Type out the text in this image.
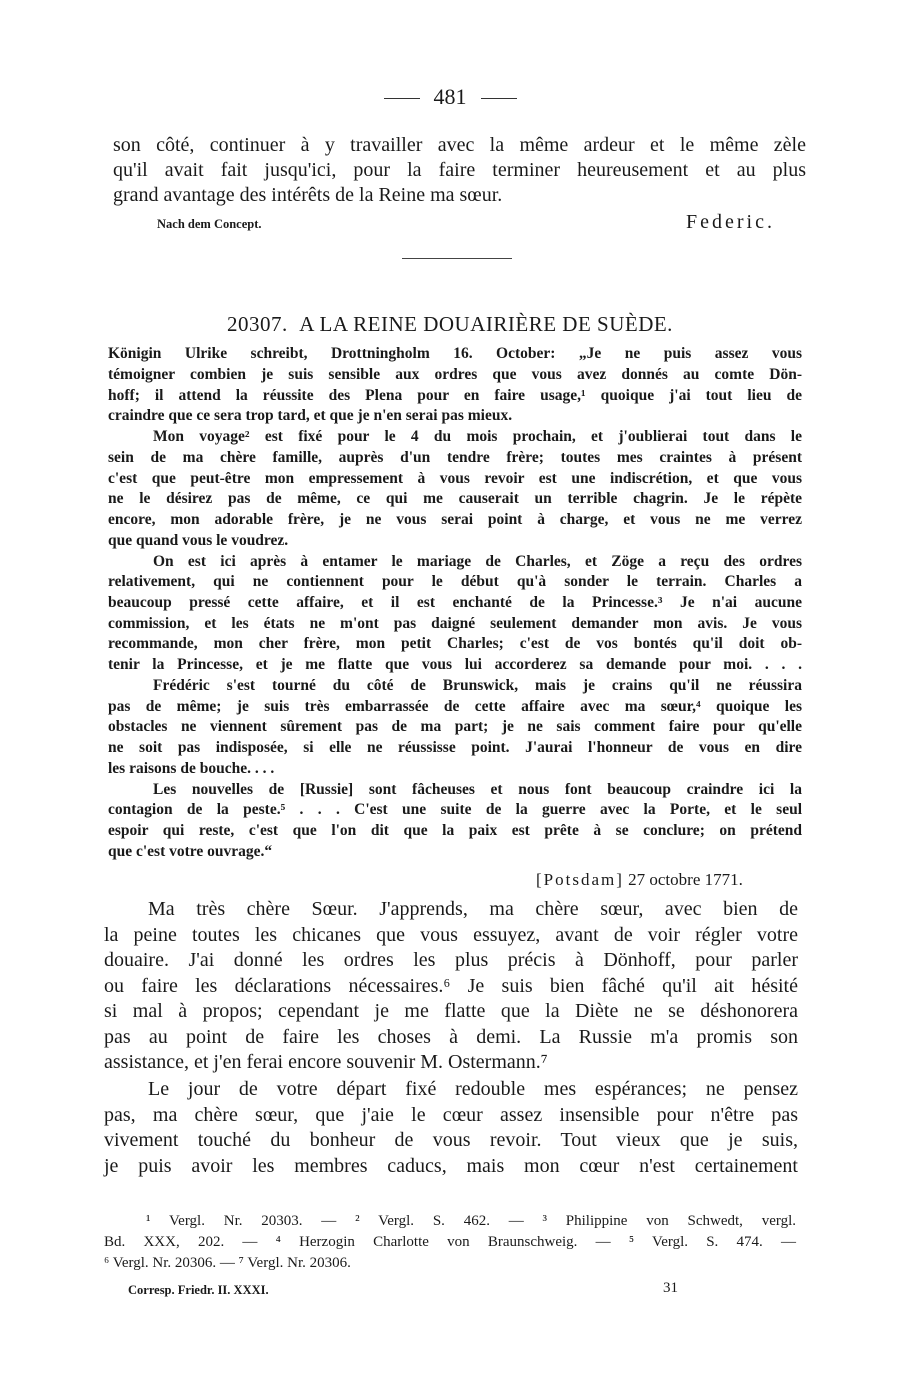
481
son côté, continuer à y travailler avec la même ardeur et le même zèle
qu'il avait fait jusqu'ici, pour la faire terminer heureusement et au plus
grand avantage des intérêts de la Reine ma sœur.
Nach dem Concept.	Federic.
20307. A LA REINE DOUAIRIÈRE DE SUÈDE.
Königin Ulrike schreibt, Drottningholm 16. October: „Je ne puis assez vous
témoigner combien je suis sensible aux ordres que vous avez donnés au comte Dön-
hoff; il attend la réussite des Plena pour en faire usage,¹ quoique j'ai tout lieu de
craindre que ce sera trop tard, et que je n'en serai pas mieux.
Mon voyage² est fixé pour le 4 du mois prochain, et j'oublierai tout dans le
sein de ma chère famille, auprès d'un tendre frère; toutes mes craintes à présent
c'est que peut-être mon empressement à vous revoir est une indiscrétion, et que vous
ne le désirez pas de même, ce qui me causerait un terrible chagrin. Je le répète
encore, mon adorable frère, je ne vous serai point à charge, et vous ne me verrez
que quand vous le voudrez.
On est ici après à entamer le mariage de Charles, et Zöge a reçu des ordres
relativement, qui ne contiennent pour le début qu'à sonder le terrain. Charles a
beaucoup pressé cette affaire, et il est enchanté de la Princesse.³ Je n'ai aucune
commission, et les états ne m'ont pas daigné seulement demander mon avis. Je vous
recommande, mon cher frère, mon petit Charles; c'est de vos bontés qu'il doit ob-
tenir la Princesse, et je me flatte que vous lui accorderez sa demande pour moi. . . .
Frédéric s'est tourné du côté de Brunswick, mais je crains qu'il ne réussira
pas de même; je suis très embarrassée de cette affaire avec ma sœur,⁴ quoique les
obstacles ne viennent sûrement pas de ma part; je ne sais comment faire pour qu'elle
ne soit pas indisposée, si elle ne réussisse point. J'aurai l'honneur de vous en dire
les raisons de bouche. . . .
Les nouvelles de [Russie] sont fâcheuses et nous font beaucoup craindre ici la
contagion de la peste.⁵ . . . C'est une suite de la guerre avec la Porte, et le seul
espoir qui reste, c'est que l'on dit que la paix est prête à se conclure; on prétend
que c'est votre ouvrage.“
[Potsdam] 27 octobre 1771.
Ma très chère Sœur. J'apprends, ma chère sœur, avec bien de
la peine toutes les chicanes que vous essuyez, avant de voir régler votre
douaire. J'ai donné les ordres les plus précis à Dönhoff, pour parler
ou faire les déclarations nécessaires.⁶ Je suis bien fâché qu'il ait hésité
si mal à propos; cependant je me flatte que la Diète ne se déshonorera
pas au point de faire les choses à demi. La Russie m'a promis son
assistance, et j'en ferai encore souvenir M. Ostermann.⁷
Le jour de votre départ fixé redouble mes espérances; ne pensez
pas, ma chère sœur, que j'aie le cœur assez insensible pour n'être pas
vivement touché du bonheur de vous revoir. Tout vieux que je suis,
je puis avoir les membres caducs, mais mon cœur n'est certainement
¹ Vergl. Nr. 20303. — ² Vergl. S. 462. — ³ Philippine von Schwedt, vergl.
Bd. XXX, 202. — ⁴ Herzogin Charlotte von Braunschweig. — ⁵ Vergl. S. 474. —
⁶ Vergl. Nr. 20306. — ⁷ Vergl. Nr. 20306.
Corresp. Friedr. II. XXXI.	31
